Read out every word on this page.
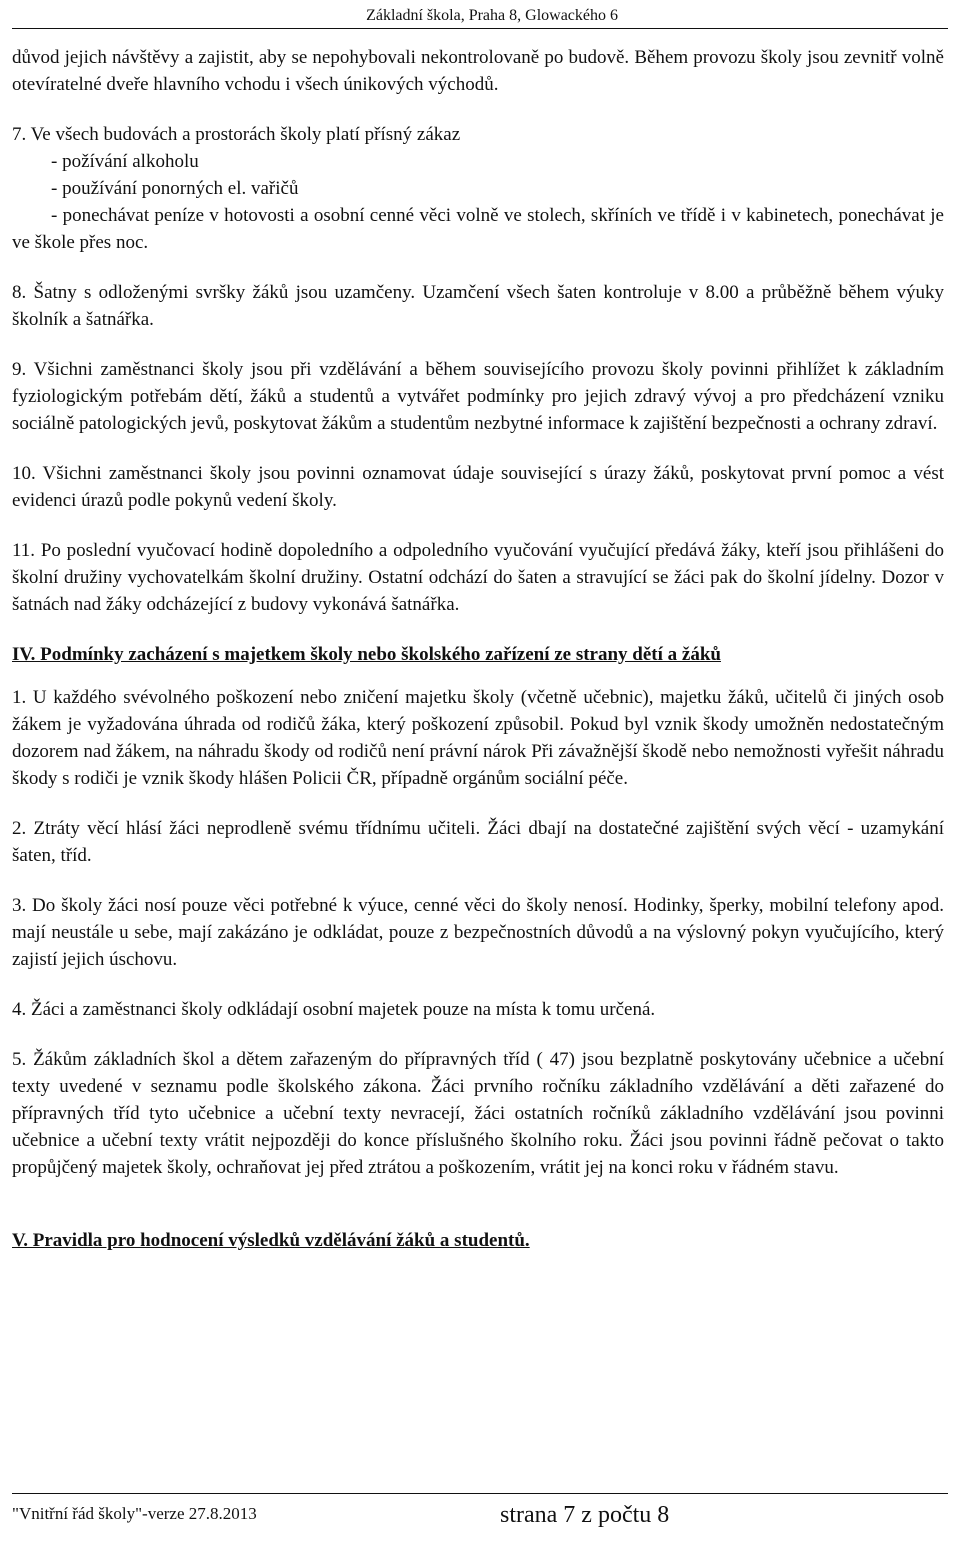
Základní škola, Praha 8, Glowackého 6

důvod jejich návštěvy a zajistit, aby se nepohybovali nekontrolovaně po budově. Během provozu školy jsou zevnitř volně otevíratelné dveře hlavního vchodu i všech únikových východů.

7. Ve všech budovách a prostorách školy platí přísný zákaz

- požívání alkoholu

- používání ponorných el. vařičů

- ponechávat peníze v hotovosti a osobní cenné věci volně ve stolech, skříních ve třídě i v kabinetech, ponechávat je ve škole přes noc.

8. Šatny s odloženými svršky žáků jsou uzamčeny. Uzamčení všech šaten kontroluje v 8.00 a průběžně během výuky školník a šatnářka.

9. Všichni zaměstnanci školy jsou při vzdělávání a během souvisejícího provozu školy povinni přihlížet k základním fyziologickým potřebám dětí, žáků a studentů a vytvářet podmínky pro jejich zdravý vývoj a pro předcházení vzniku sociálně patologických jevů, poskytovat žákům a studentům nezbytné informace k zajištění bezpečnosti a ochrany zdraví.

10. Všichni zaměstnanci školy jsou povinni oznamovat údaje související s úrazy žáků, poskytovat první pomoc a vést evidenci úrazů podle pokynů vedení školy.

11. Po poslední vyučovací hodině dopoledního a odpoledního vyučování vyučující předává žáky, kteří jsou přihlášeni do školní družiny vychovatelkám školní družiny. Ostatní odchází do šaten a stravující se žáci pak do školní jídelny. Dozor v šatnách nad žáky odcházející z budovy vykonává šatnářka.

IV. Podmínky zacházení s majetkem školy nebo školského zařízení ze strany dětí a žáků

1. U každého svévolného poškození nebo zničení majetku školy (včetně učebnic), majetku žáků, učitelů či jiných osob žákem je vyžadována úhrada od rodičů žáka, který poškození způsobil. Pokud byl vznik škody umožněn nedostatečným dozorem nad žákem, na náhradu škody od rodičů není právní nárok Při závažnější škodě nebo nemožnosti vyřešit náhradu škody s rodiči je vznik škody hlášen Policii ČR, případně orgánům sociální péče.

2. Ztráty věcí hlásí žáci neprodleně svému třídnímu učiteli. Žáci dbají na dostatečné zajištění svých věcí - uzamykání šaten, tříd.

3. Do školy žáci nosí pouze věci potřebné k výuce, cenné věci do školy nenosí. Hodinky, šperky, mobilní telefony apod. mají neustále u sebe, mají zakázáno je odkládat, pouze z bezpečnostních důvodů a na výslovný pokyn vyučujícího, který zajistí jejich úschovu.

4. Žáci a zaměstnanci školy odkládají osobní majetek pouze na místa k tomu určená.

5. Žákům základních škol a dětem zařazeným do přípravných tříd ( 47) jsou bezplatně poskytovány učebnice a učební texty uvedené v seznamu podle školského zákona. Žáci prvního ročníku základního vzdělávání a děti zařazené do přípravných tříd tyto učebnice a učební texty nevracejí, žáci ostatních ročníků základního vzdělávání jsou povinni učebnice a učební texty vrátit nejpozději do konce příslušného školního roku. Žáci jsou povinni řádně pečovat o takto propůjčený majetek školy, ochraňovat jej před ztrátou a poškozením, vrátit jej na konci roku v řádném stavu.

V. Pravidla pro hodnocení výsledků vzdělávání žáků a studentů.

"Vnitřní řád školy"-verze 27.8.2013	strana 7 z počtu 8
